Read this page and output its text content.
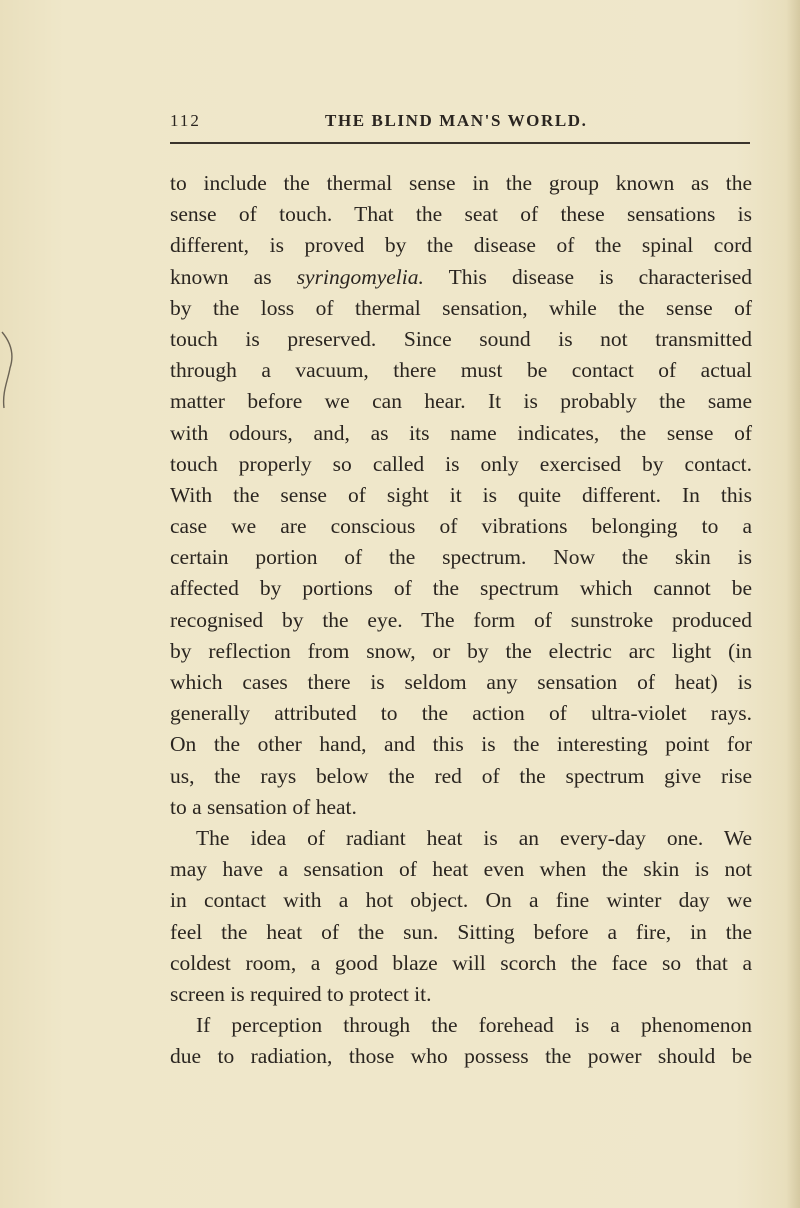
112	THE BLIND MAN'S WORLD.
to include the thermal sense in the group known as the
sense of touch. That the seat of these sensations is
different, is proved by the disease of the spinal cord
known as syringomyelia. This disease is characterised
by the loss of thermal sensation, while the sense of
touch is preserved. Since sound is not transmitted
through a vacuum, there must be contact of actual
matter before we can hear. It is probably the same
with odours, and, as its name indicates, the sense of
touch properly so called is only exercised by contact.
With the sense of sight it is quite different. In this
case we are conscious of vibrations belonging to a
certain portion of the spectrum. Now the skin is
affected by portions of the spectrum which cannot be
recognised by the eye. The form of sunstroke produced
by reflection from snow, or by the electric arc light (in
which cases there is seldom any sensation of heat) is
generally attributed to the action of ultra-violet rays.
On the other hand, and this is the interesting point for
us, the rays below the red of the spectrum give rise
to a sensation of heat.
The idea of radiant heat is an every-day one. We
may have a sensation of heat even when the skin is not
in contact with a hot object. On a fine winter day we
feel the heat of the sun. Sitting before a fire, in the
coldest room, a good blaze will scorch the face so that a
screen is required to protect it.
If perception through the forehead is a phenomenon
due to radiation, those who possess the power should be
